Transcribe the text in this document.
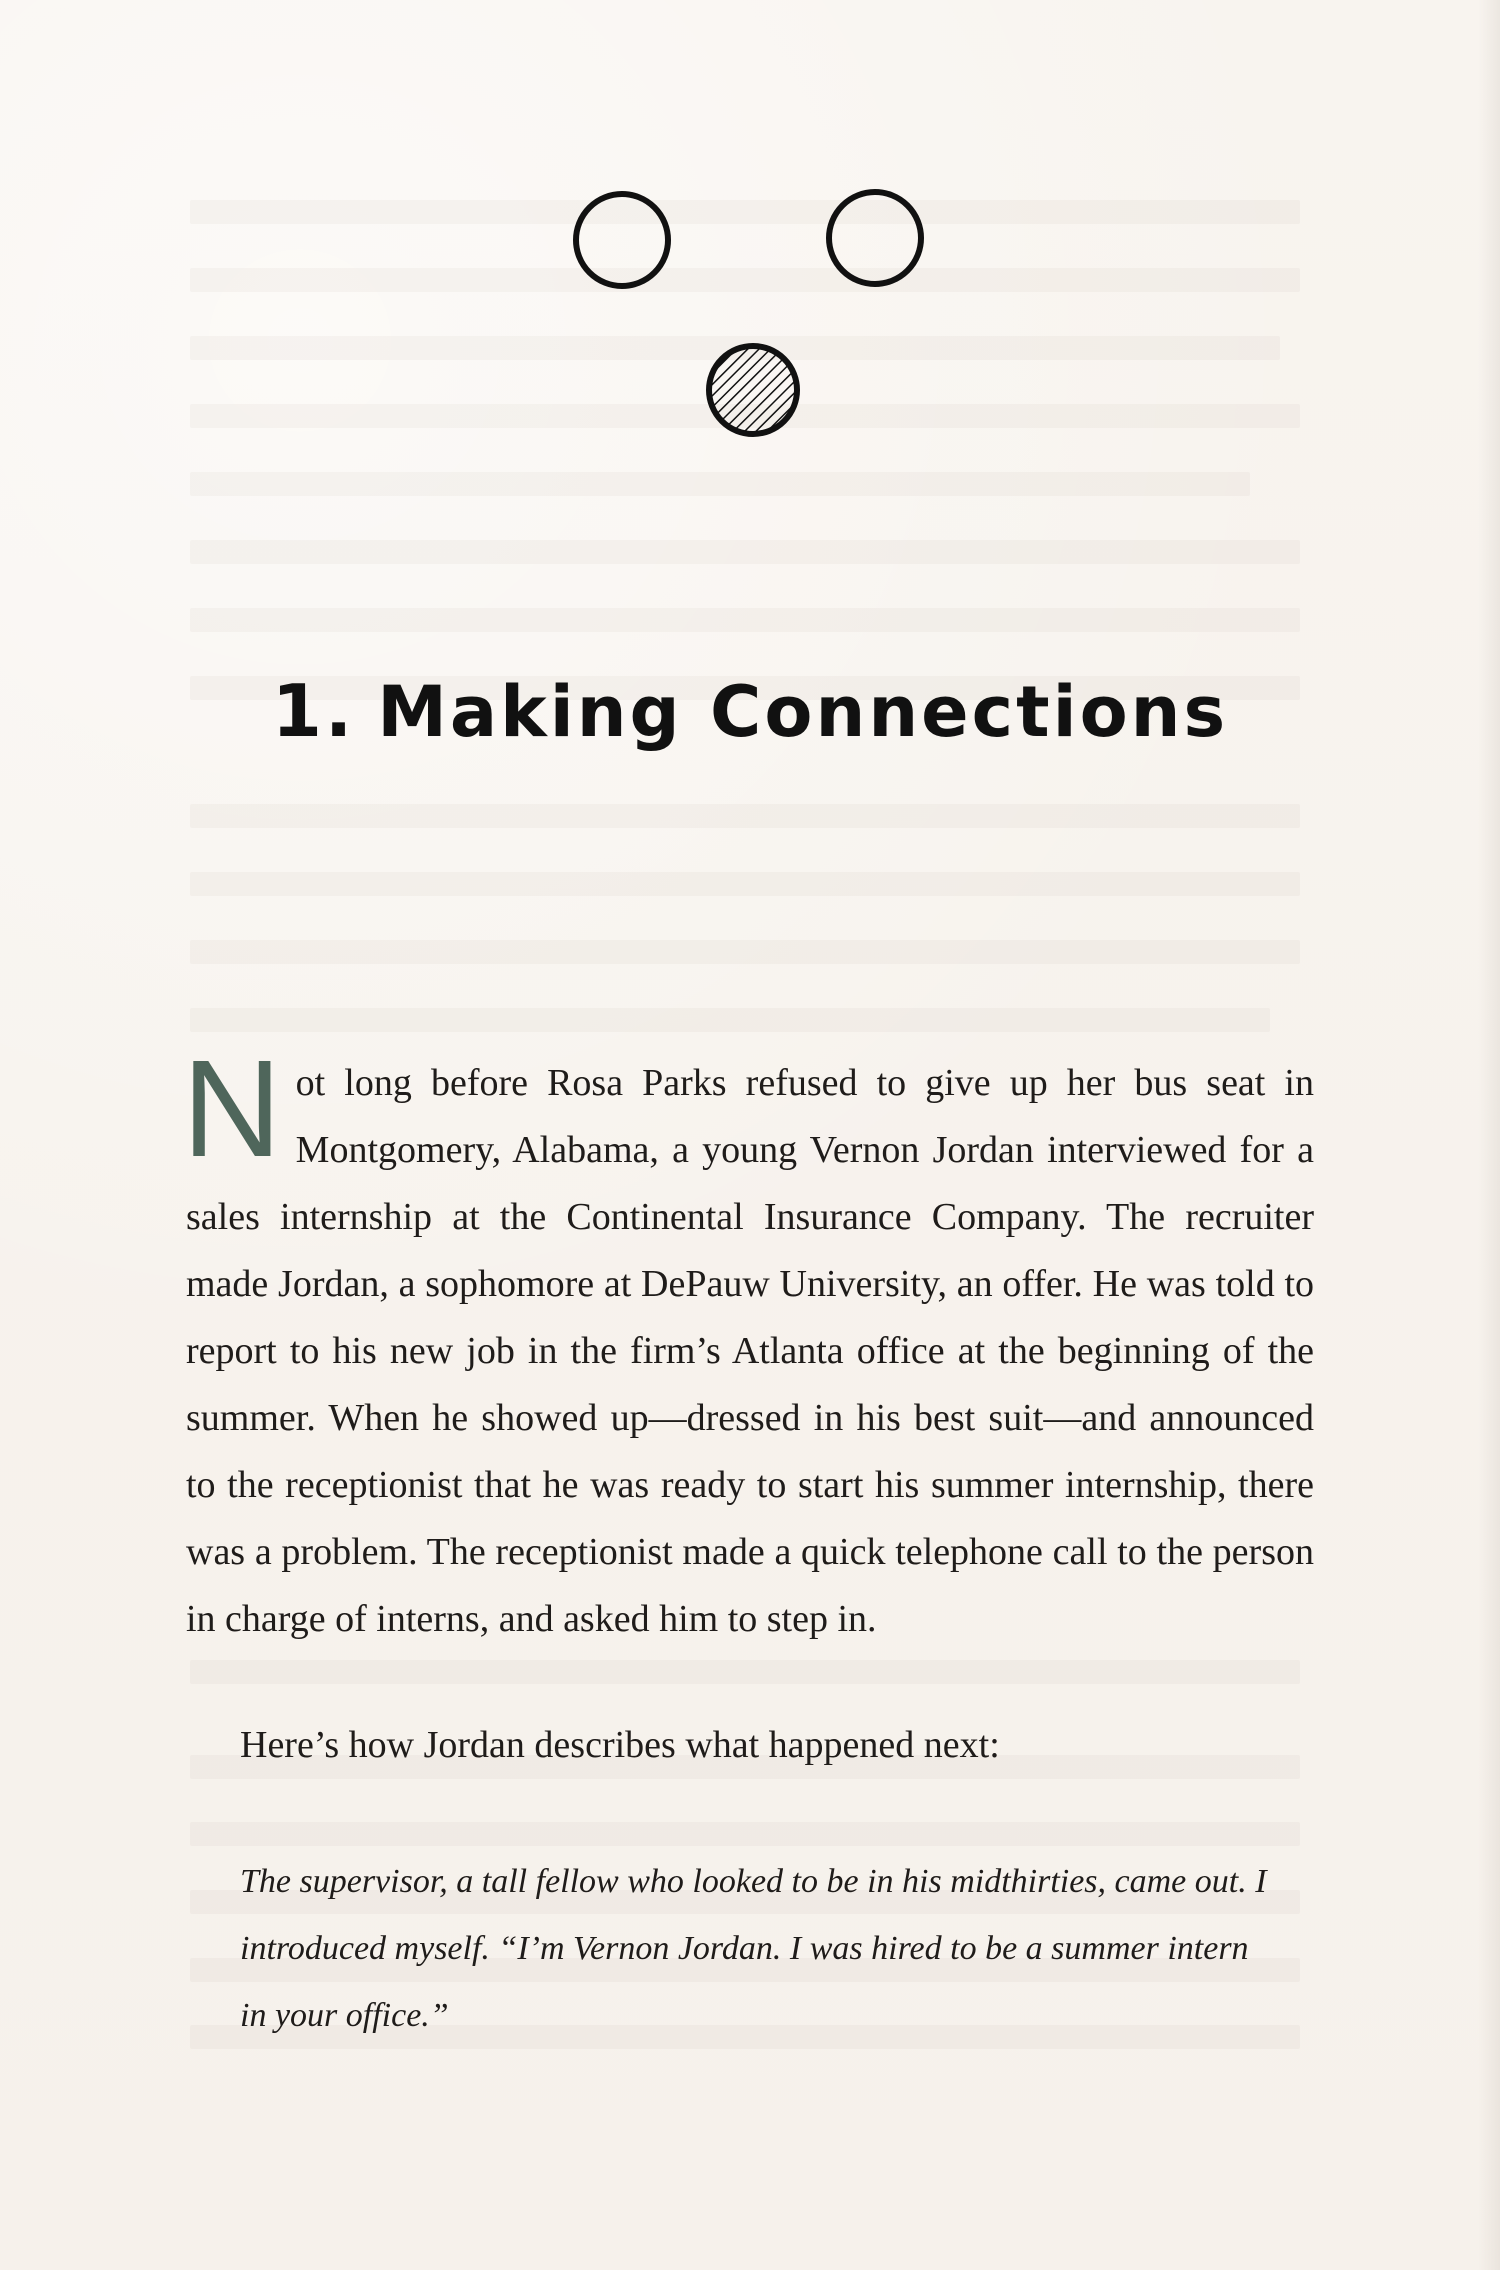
1. Making Connections
Not long before Rosa Parks refused to give up her bus seat in Montgomery, Alabama, a young Vernon Jordan interviewed for a sales internship at the Continental Insurance Company. The recruiter made Jordan, a sophomore at DePauw University, an offer. He was told to report to his new job in the firm’s Atlanta office at the beginning of the summer. When he showed up—dressed in his best suit—and announced to the receptionist that he was ready to start his summer internship, there was a problem. The receptionist made a quick telephone call to the person in charge of interns, and asked him to step in.
Here’s how Jordan describes what happened next:
The supervisor, a tall fellow who looked to be in his midthirties, came out. I introduced myself. “I’m Vernon Jordan. I was hired to be a summer intern in your office.”
